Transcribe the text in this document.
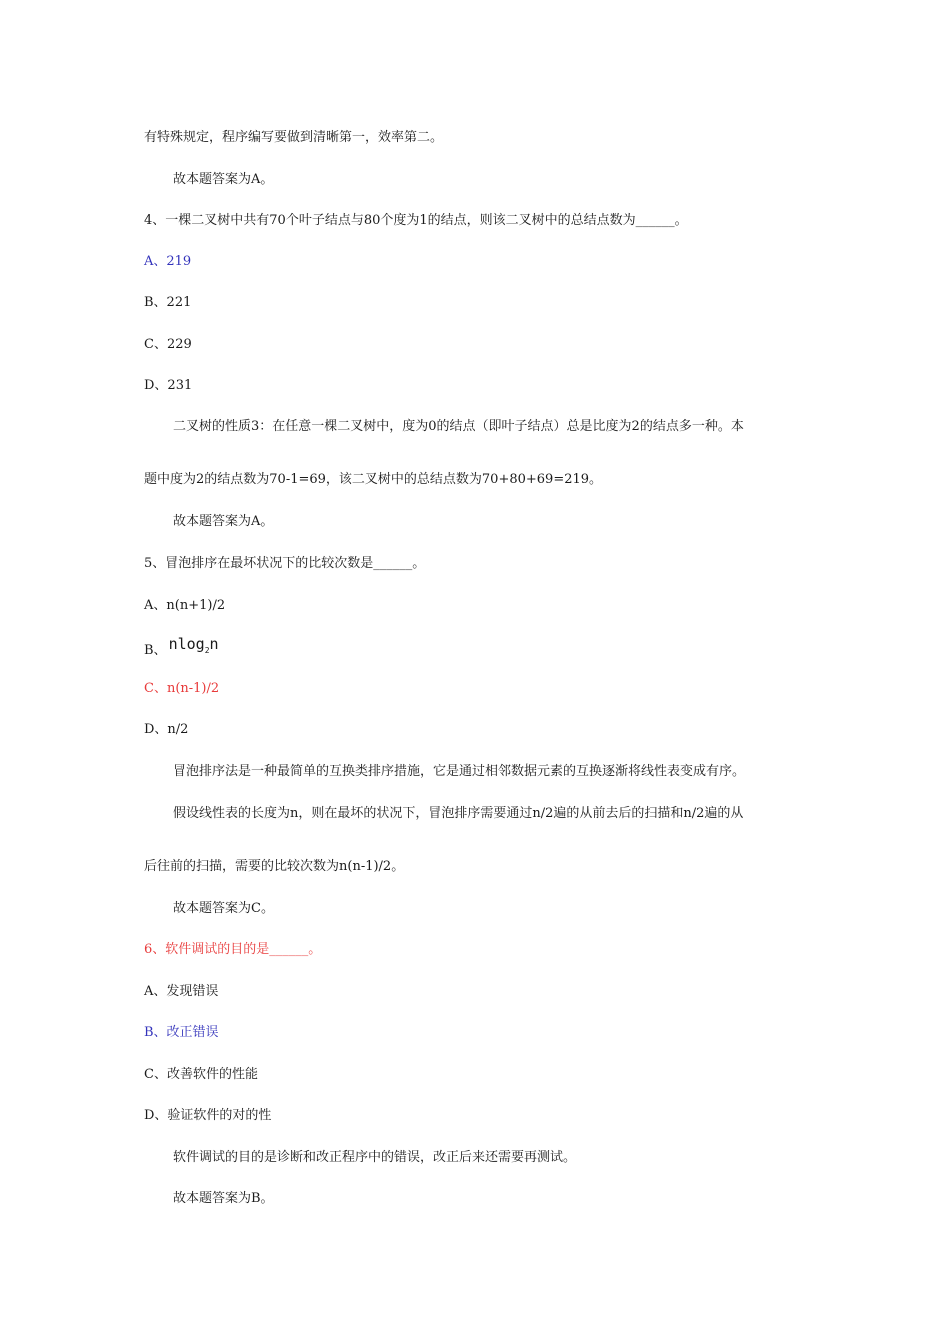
有特殊规定，程序编写要做到清晰第一，效率第二。
故本题答案为A。
4、一棵二叉树中共有70个叶子结点与80个度为1的结点，则该二叉树中的总结点数为______。
A、219
B、221
C、229
D、231
二叉树的性质3：在任意一棵二叉树中，度为0的结点（即叶子结点）总是比度为2的结点多一种。本
题中度为2的结点数为70-1=69，该二叉树中的总结点数为70+80+69=219。
故本题答案为A。
5、冒泡排序在最坏状况下的比较次数是______。
A、n(n+1)/2
B、 nlog$_2$n
C、n(n-1)/2
D、n/2
冒泡排序法是一种最简单的互换类排序措施，它是通过相邻数据元素的互换逐渐将线性表变成有序。
假设线性表的长度为n，则在最坏的状况下，冒泡排序需要通过n/2遍的从前去后的扫描和n/2遍的从
后往前的扫描，需要的比较次数为n(n-1)/2。
故本题答案为C。
6、软件调试的目的是______。
A、发现错误
B、改正错误
C、改善软件的性能
D、验证软件的对的性
软件调试的目的是诊断和改正程序中的错误，改正后来还需要再测试。
故本题答案为B。
